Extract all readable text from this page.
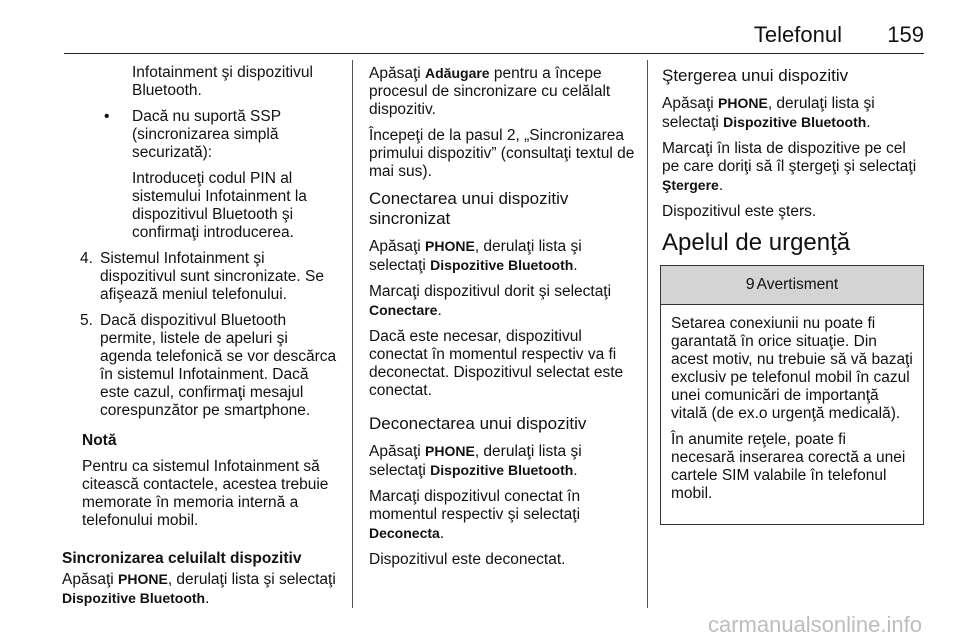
Telefonul 159

Infotainment şi dispozitivul Bluetooth.

• Dacă nu suportă SSP (sincronizarea simplă securizată):

Introduceţi codul PIN al sistemului Infotainment la dispozitivul Bluetooth şi confirmaţi introducerea.

4. Sistemul Infotainment şi dispozitivul sunt sincronizate. Se afişează meniul telefonului.

5. Dacă dispozitivul Bluetooth permite, listele de apeluri şi agenda telefonică se vor descărca în sistemul Infotainment. Dacă este cazul, confirmaţi mesajul corespunzător pe smartphone.

Notă

Pentru ca sistemul Infotainment să citească contactele, acestea trebuie memorate în memoria internă a telefonului mobil.

Sincronizarea celuilalt dispozitiv

Apăsaţi PHONE, derulaţi lista şi selectaţi Dispozitive Bluetooth.

Apăsaţi Adăugare pentru a începe procesul de sincronizare cu celălalt dispozitiv.

Începeţi de la pasul 2, „Sincronizarea primului dispozitiv” (consultaţi textul de mai sus).

Conectarea unui dispozitiv sincronizat

Apăsaţi PHONE, derulaţi lista şi selectaţi Dispozitive Bluetooth.

Marcaţi dispozitivul dorit şi selectaţi Conectare.

Dacă este necesar, dispozitivul conectat în momentul respectiv va fi deconectat. Dispozitivul selectat este conectat.

Deconectarea unui dispozitiv

Apăsaţi PHONE, derulaţi lista şi selectaţi Dispozitive Bluetooth.

Marcaţi dispozitivul conectat în momentul respectiv şi selectaţi Deconecta.

Dispozitivul este deconectat.

Ştergerea unui dispozitiv

Apăsaţi PHONE, derulaţi lista şi selectaţi Dispozitive Bluetooth.

Marcaţi în lista de dispozitive pe cel pe care doriţi să îl ştergeţi şi selectaţi Ştergere.

Dispozitivul este şters.

Apelul de urgenţă

9 Avertisment

Setarea conexiunii nu poate fi garantată în orice situaţie. Din acest motiv, nu trebuie să vă bazaţi exclusiv pe telefonul mobil în cazul unei comunicări de importanţă vitală (de ex.o urgenţă medicală).

În anumite reţele, poate fi necesară inserarea corectă a unei cartele SIM valabile în telefonul mobil.

carmanualsonline.info
